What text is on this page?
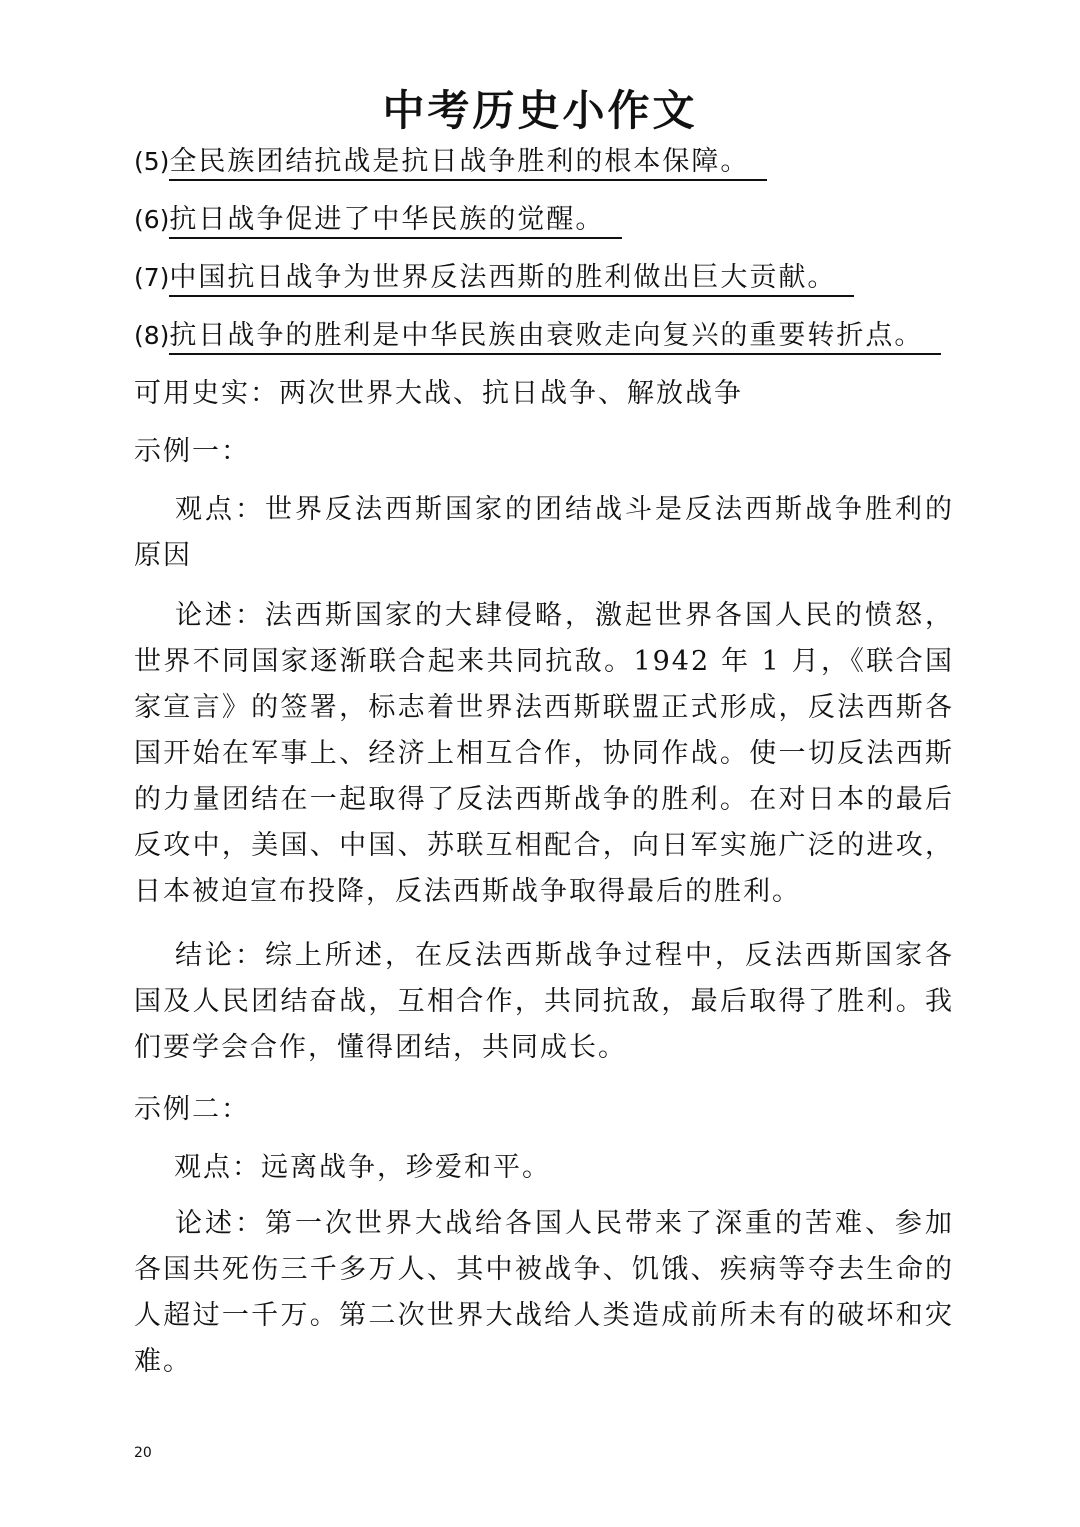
中考历史小作文
(5)全民族团结抗战是抗日战争胜利的根本保障。
(6)抗日战争促进了中华民族的觉醒。
(7)中国抗日战争为世界反法西斯的胜利做出巨大贡献。
(8)抗日战争的胜利是中华民族由衰败走向复兴的重要转折点。
可用史实：两次世界大战、抗日战争、解放战争
示例一：
观点：世界反法西斯国家的团结战斗是反法西斯战争胜利的原因
论述：法西斯国家的大肆侵略，激起世界各国人民的愤怒，世界不同国家逐渐联合起来共同抗敌。1942 年 1 月，《联合国家宣言》的签署，标志着世界法西斯联盟正式形成，反法西斯各国开始在军事上、经济上相互合作，协同作战。使一切反法西斯的力量团结在一起取得了反法西斯战争的胜利。在对日本的最后反攻中，美国、中国、苏联互相配合，向日军实施广泛的进攻，日本被迫宣布投降，反法西斯战争取得最后的胜利。
结论：综上所述，在反法西斯战争过程中，反法西斯国家各国及人民团结奋战，互相合作，共同抗敌，最后取得了胜利。我们要学会合作，懂得团结，共同成长。
示例二：
观点：远离战争，珍爱和平。
论述：第一次世界大战给各国人民带来了深重的苦难、参加各国共死伤三千多万人、其中被战争、饥饿、疾病等夺去生命的人超过一千万。第二次世界大战给人类造成前所未有的破坏和灾难。
20
